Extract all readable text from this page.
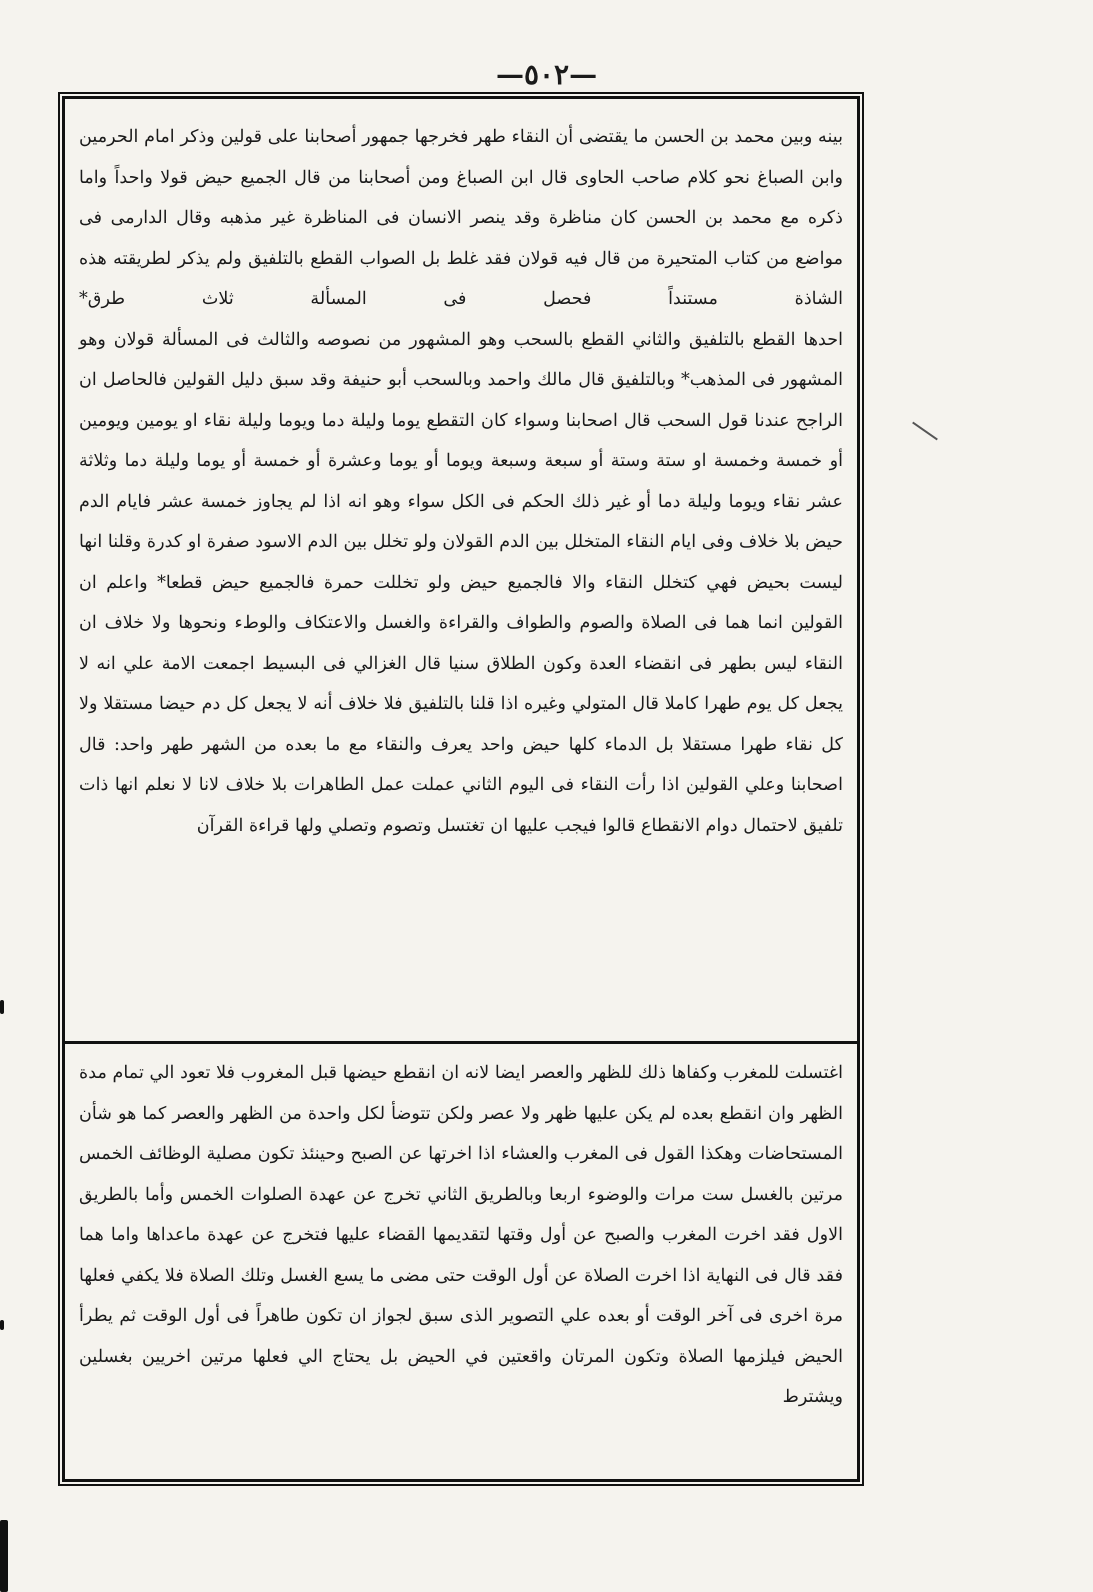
—٥٠٢—

بينه وبين محمد بن الحسن ما يقتضى أن النقاء طهر فخرجها جمهور أصحابنا على قولين وذكر امام الحرمين وابن الصباغ نحو كلام صاحب الحاوى قال ابن الصباغ ومن أصحابنا من قال الجميع حيض قولا واحداً واما ذكره مع محمد بن الحسن كان مناظرة وقد ينصر الانسان فى المناظرة غير مذهبه وقال الدارمى فى مواضع من كتاب المتحيرة من قال فيه قولان فقد غلط بل الصواب القطع بالتلفيق ولم يذكر لطريقته هذه الشاذة مستنداً فحصل فى المسألة ثلاث طرق*

احدها القطع بالتلفيق والثاني القطع بالسحب وهو المشهور من نصوصه والثالث فى المسألة قولان وهو المشهور فى المذهب* وبالتلفيق قال مالك واحمد وبالسحب أبو حنيفة وقد سبق دليل القولين فالحاصل ان الراجح عندنا قول السحب قال اصحابنا وسواء كان التقطع يوما وليلة دما ويوما وليلة نقاء او يومين ويومين أو خمسة وخمسة او ستة وستة أو سبعة وسبعة ويوما أو يوما وعشرة أو خمسة أو يوما وليلة دما وثلاثة عشر نقاء ويوما وليلة دما أو غير ذلك الحكم فى الكل سواء وهو انه اذا لم يجاوز خمسة عشر فايام الدم حيض بلا خلاف وفى ايام النقاء المتخلل بين الدم القولان ولو تخلل بين الدم الاسود صفرة او كدرة وقلنا انها ليست بحيض فهي كتخلل النقاء والا فالجميع حيض ولو تخللت حمرة فالجميع حيض قطعا* واعلم ان القولين انما هما فى الصلاة والصوم والطواف والقراءة والغسل والاعتكاف والوطء ونحوها ولا خلاف ان النقاء ليس بطهر فى انقضاء العدة وكون الطلاق سنيا قال الغزالي فى البسيط اجمعت الامة علي انه لا يجعل كل يوم طهرا كاملا قال المتولي وغيره اذا قلنا بالتلفيق فلا خلاف أنه لا يجعل كل دم حيضا مستقلا ولا كل نقاء طهرا مستقلا بل الدماء كلها حيض واحد يعرف والنقاء مع ما بعده من الشهر طهر واحد: قال اصحابنا وعلي القولين اذا رأت النقاء فى اليوم الثاني عملت عمل الطاهرات بلا خلاف لانا لا نعلم انها ذات تلفيق لاحتمال دوام الانقطاع قالوا فيجب عليها ان تغتسل وتصوم وتصلي ولها قراءة القرآن

اغتسلت للمغرب وكفاها ذلك للظهر والعصر ايضا لانه ان انقطع حيضها قبل المغروب فلا تعود الي تمام مدة الظهر وان انقطع بعده لم يكن عليها ظهر ولا عصر ولكن تتوضأ لكل واحدة من الظهر والعصر كما هو شأن المستحاضات وهكذا القول فى المغرب والعشاء اذا اخرتها عن الصبح وحينئذ تكون مصلية الوظائف الخمس مرتين بالغسل ست مرات والوضوء اربعا وبالطريق الثاني تخرج عن عهدة الصلوات الخمس وأما بالطريق الاول فقد اخرت المغرب والصبح عن أول وقتها لتقديمها القضاء عليها فتخرج عن عهدة ماعداها واما هما فقد قال فى النهاية اذا اخرت الصلاة عن أول الوقت حتى مضى ما يسع الغسل وتلك الصلاة فلا يكفي فعلها مرة اخرى فى آخر الوقت أو بعده علي التصوير الذى سبق لجواز ان تكون طاهراً فى أول الوقت ثم يطرأ الحيض فيلزمها الصلاة وتكون المرتان واقعتين في الحيض بل يحتاج الي فعلها مرتين اخريين بغسلين ويشترط
